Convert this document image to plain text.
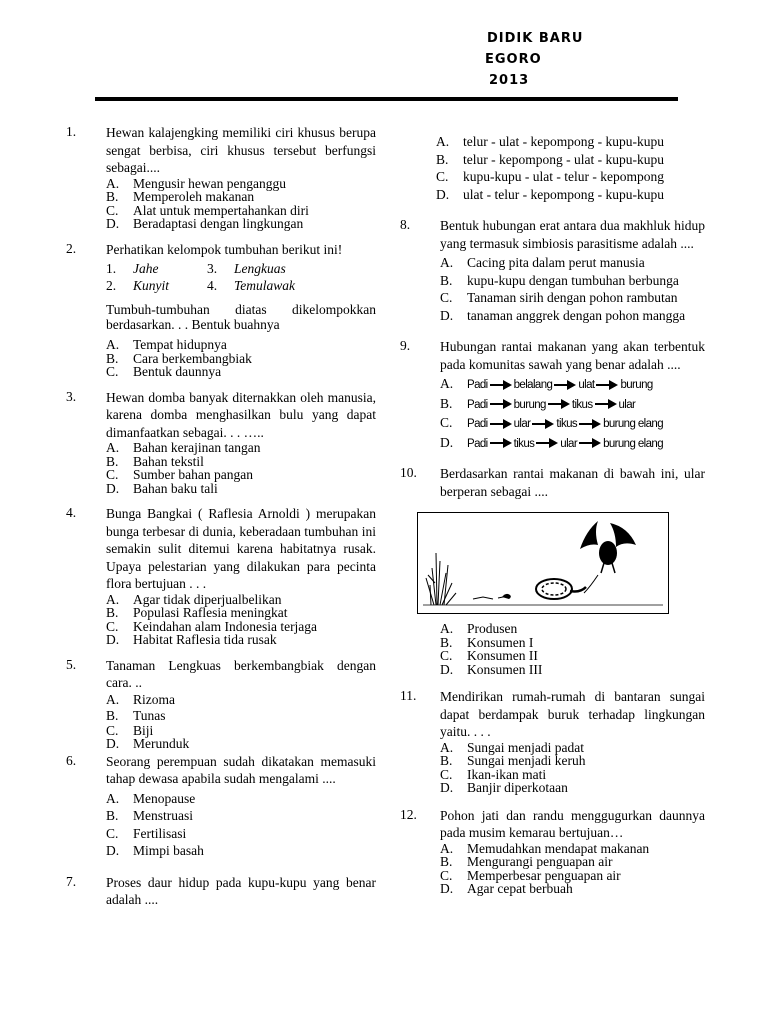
DIDIK BARU
EGORO
2013
1. Hewan kalajengking memiliki ciri khusus berupa sengat berbisa, ciri khusus tersebut berfungsi sebagai....
A. Mengusir hewan penganggu
B. Memperoleh makanan
C. Alat untuk mempertahankan diri
D. Beradaptasi dengan lingkungan
2. Perhatikan kelompok tumbuhan berikut ini!
1.	Jahe	3.	Lengkuas
2.	Kunyit	4.	Temulawak
Tumbuh-tumbuhan diatas dikelompokkan berdasarkan. . . Bentuk buahnya
A. Tempat hidupnya
B. Cara berkembangbiak
C. Bentuk daunnya
3. Hewan domba banyak diternakkan oleh manusia, karena domba menghasilkan bulu yang dapat dimanfaatkan sebagai. . . …..
A. Bahan kerajinan tangan
B. Bahan tekstil
C. Sumber bahan pangan
D. Bahan baku tali
4. Bunga Bangkai ( Raflesia Arnoldi ) merupakan bunga terbesar di dunia, keberadaan tumbuhan ini semakin sulit ditemui karena habitatnya rusak. Upaya pelestarian yang dilakukan para pecinta flora bertujuan . . .
A. Agar tidak diperjualbelikan
B. Populasi Raflesia meningkat
C. Keindahan alam Indonesia terjaga
D. Habitat Raflesia tida rusak
5. Tanaman Lengkuas berkembangbiak dengan cara. ..
A. Rizoma
B. Tunas
C. Biji
D. Merunduk
6. Seorang perempuan sudah dikatakan memasuki tahap dewasa apabila sudah mengalami ....
A. Menopause
B. Menstruasi
C. Fertilisasi
D. Mimpi basah
7. Proses daur hidup pada kupu-kupu yang benar adalah ....
A. telur - ulat - kepompong - kupu-kupu
B. telur - kepompong - ulat - kupu-kupu
C. kupu-kupu - ulat - telur - kepompong
D. ulat - telur - kepompong - kupu-kupu
8. Bentuk hubungan erat antara dua makhluk hidup yang termasuk simbiosis parasitisme adalah ....
A. Cacing pita dalam perut manusia
B. kupu-kupu dengan tumbuhan berbunga
C. Tanaman sirih dengan pohon rambutan
D. tanaman anggrek dengan pohon mangga
9. Hubungan rantai makanan yang akan terbentuk pada komunitas sawah yang benar adalah ....
A. Padi belalang ulat burung
B. Padi burung tikus ular
C. Padi ular tikus burung elang
D. Padi tikus ular burung elang
10. Berdasarkan rantai makanan di bawah ini, ular berperan sebagai ....
A. Produsen
B. Konsumen I
C. Konsumen II
D. Konsumen III
11. Mendirikan rumah-rumah di bantaran sungai dapat berdampak buruk terhadap lingkungan yaitu. . . .
A. Sungai menjadi padat
B. Sungai menjadi keruh
C. Ikan-ikan mati
D. Banjir diperkotaan
12. Pohon jati dan randu menggugurkan daunnya pada musim kemarau bertujuan…
A. Memudahkan mendapat makanan
B. Mengurangi penguapan air
C. Memperbesar penguapan air
D. Agar cepat berbuah
